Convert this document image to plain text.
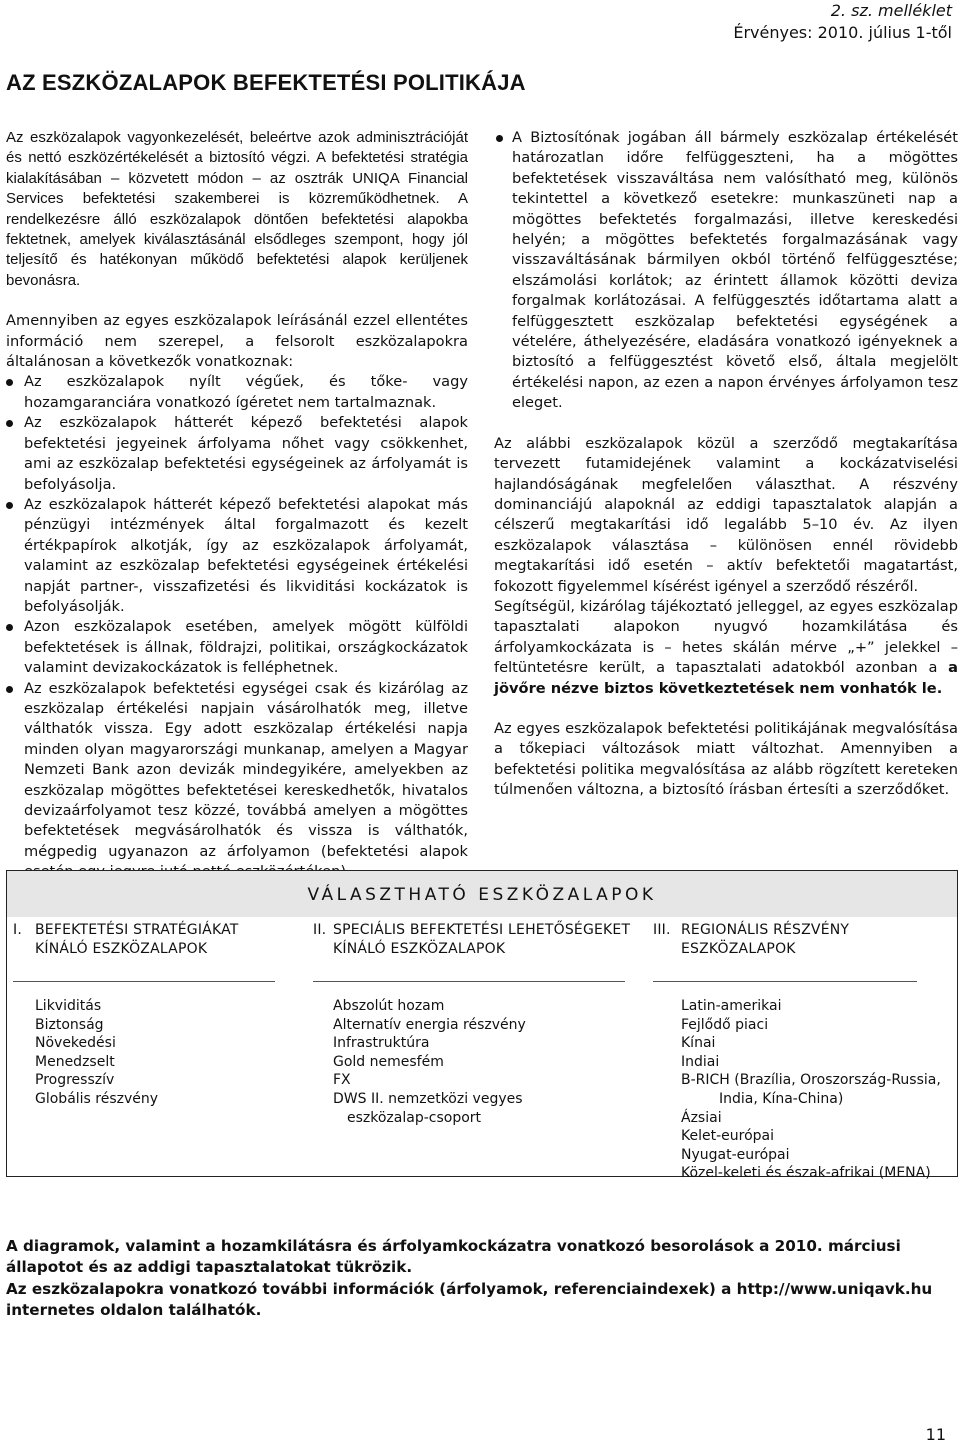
2. sz. melléklet
Érvényes: 2010. július 1-től
AZ ESZKÖZALAPOK BEFEKTETÉSI POLITIKÁJA

Az eszközalapok vagyonkezelését, beleértve azok adminisztrációját és nettó eszközértékelését a biztosító végzi. A befektetési stratégia kialakításában – közvetett módon – az osztrák UNIQA Financial Services befektetési szakemberei is közreműködhetnek. A rendelkezésre álló eszközalapok döntően befektetési alapokba fektetnek, amelyek kiválasztásánál elsődleges szempont, hogy jól teljesítő és hatékonyan működő befektetési alapok kerüljenek bevonásra.

Amennyiben az egyes eszközalapok leírásánál ezzel ellentétes információ nem szerepel, a felsorolt eszközalapokra általánosan a következők vonatkoznak:

Az eszközalapok nyílt végűek, és tőke- vagy hozamgaranciára vonatkozó ígéretet nem tartalmaznak.
Az eszközalapok hátterét képező befektetési alapok befektetési jegyeinek árfolyama nőhet vagy csökkenhet, ami az eszközalap befektetési egységeinek az árfolyamát is befolyásolja.
Az eszközalapok hátterét képező befektetési alapokat más pénzügyi intézmények által forgalmazott és kezelt értékpapírok alkotják, így az eszközalapok árfolyamát, valamint az eszközalap befektetési egységeinek értékelési napját partner-, visszafizetési és likviditási kockázatok is befolyásolják.
Azon eszközalapok esetében, amelyek mögött külföldi befektetések is állnak, földrajzi, politikai, országkockázatok valamint devizakockázatok is felléphetnek.
Az eszközalapok befektetési egységei csak és kizárólag az eszközalap értékelési napjain vásárolhatók meg, illetve válthatók vissza. Egy adott eszközalap értékelési napja minden olyan magyarországi munkanap, amelyen a Magyar Nemzeti Bank azon devizák mindegyikére, amelyekben az eszközalap mögöttes befektetései kereskedhetők, hivatalos devizaárfolyamot tesz közzé, továbbá amelyen a mögöttes befektetések megvásárolhatók és vissza is válthatók, mégpedig ugyanazon az árfolyamon (befektetési alapok
A Biztosítónak jogában áll bármely eszközalap értékelését határozatlan időre felfüggeszteni, ha a mögöttes befektetések visszaváltása nem valósítható meg, különös tekintettel a következő esetekre: munkaszüneti nap a mögöttes befektetés forgalmazási, illetve kereskedési helyén; a mögöttes befektetés forgalmazásának vagy visszaváltásának bármilyen okból történő felfüggesztése; elszámolási korlátok; az érintett államok közötti deviza forgalmak korlátozásai. A felfüggesztés időtartama alatt a felfüggesztett eszközalap befektetési egységének a vételére, áthelyezésére, eladására vonatkozó igényeknek a biztosító a felfüggesztést követő első, általa megjelölt értékelési napon, az ezen a napon érvényes árfolyamon tesz eleget.

Az alábbi eszközalapok közül a szerződő megtakarítása tervezett futamidejének valamint a kockázatviselési hajlandóságának megfelelően választhat. A részvény dominanciájú alapoknál az eddigi tapasztalatok alapján a célszerű megtakarítási idő legalább 5–10 év. Az ilyen eszközalapok választása – különösen ennél rövidebb megtakarítási idő esetén – aktív befektetői magatartást, fokozott figyelemmel kísérést igényel a szerződő részéről.

Segítségül, kizárólag tájékoztató jelleggel, az egyes eszközalap tapasztalati alapokon nyugvó hozamkilátása és árfolyamkockázata is – hetes skálán mérve „+” jelekkel – feltüntetésre került, a tapasztalati adatokból azonban a a jövőre nézve biztos következtetések nem vonhatók le.

Az egyes eszközalapok befektetési politikájának megvalósítása a tőkepiaci változások miatt változhat. Amennyiben a befektetési politika megvalósítása az alább rögzített kereteken túlmenően változna, a biztosító írásban értesíti a szerződőket.

VÁLASZTHATÓ ESZKÖZALAPOK
I. BEFEKTETÉSI STRATÉGIÁKAT
KÍNÁLÓ ESZKÖZALAPOK
Likviditás
Biztonság
Növekedési
Menedzselt
Progresszív
Globális részvény
II. SPECIÁLIS BEFEKTETÉSI LEHETŐSÉGEKET
KÍNÁLÓ ESZKÖZALAPOK
Abszolút hozam
Alternatív energia részvény
Infrastruktúra
Gold nemesfém
FX
DWS II. nemzetközi vegyes
eszközalap-csoport
III. REGIONÁLIS RÉSZVÉNY
ESZKÖZALAPOK
Latin-amerikai
Fejlődő piaci
Kínai
Indiai
B-RICH (Brazília, Oroszország-Russia,
India, Kína-China)
Ázsiai
Kelet-európai
Nyugat-európai
Közel-keleti és észak-afrikai (MENA)
A diagramok, valamint a hozamkilátásra és árfolyamkockázatra vonatkozó besorolások a 2010. márciusi állapotot és az addigi tapasztalatokat tükrözik.
Az eszközalapokra vonatkozó további információk (árfolyamok, referenciaindexek) a http://www.uniqavk.hu internetes oldalon találhatók.
11
